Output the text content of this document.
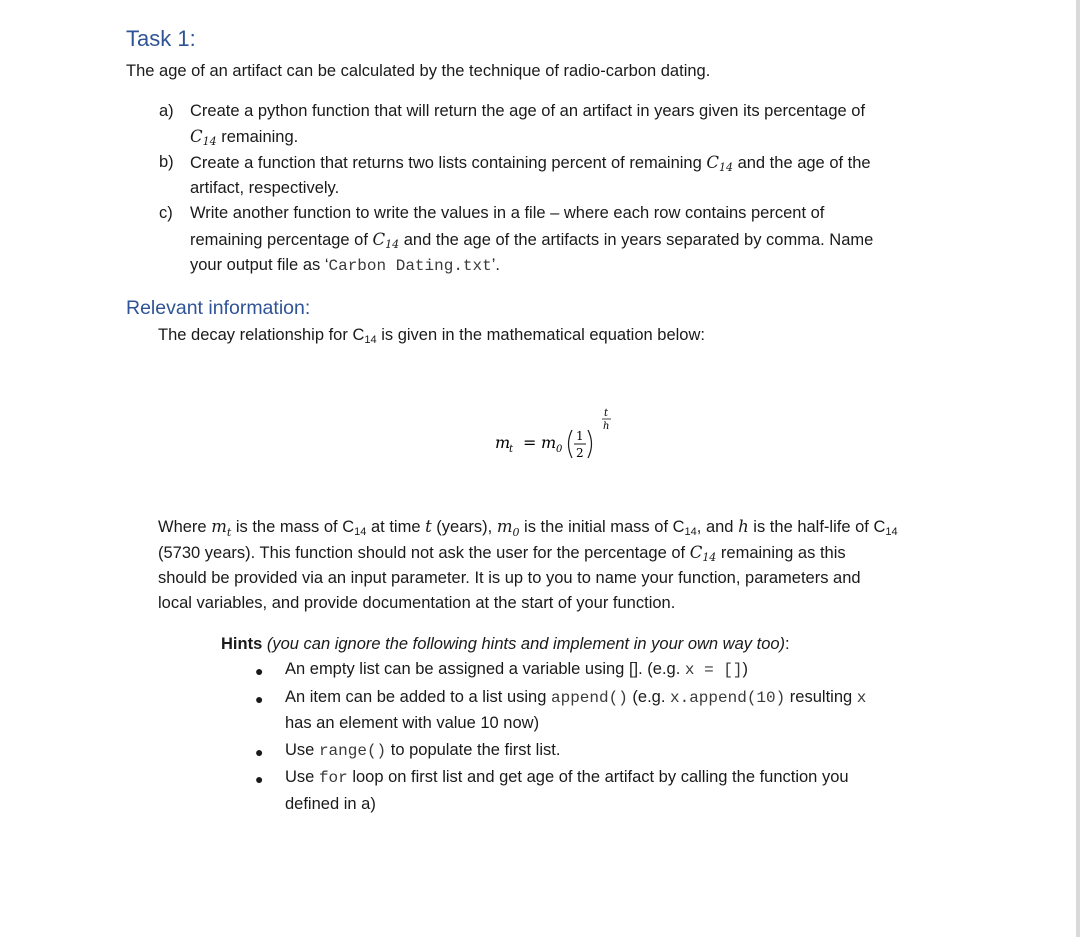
Task 1:
The age of an artifact can be calculated by the technique of radio-carbon dating.
a) Create a python function that will return the age of an artifact in years given its percentage of
$C_{14}$ remaining.
b) Create a function that returns two lists containing percent of remaining $C_{14}$ and the age of the
artifact, respectively.
c) Write another function to write the values in a file – where each row contains percent of
remaining percentage of $C_{14}$ and the age of the artifacts in years separated by comma. Name
your output file as ‘Carbon Dating.txt’.
Relevant information:
The decay relationship for $C_{14}$ is given in the mathematical equation below:
m
t = m 0
1
2
t
h
Where $m_t$ is the mass of $C_{14}$ at time t (years), $m_0$ is the initial mass of $C_{14}$, and h is the half-life of $C_{14}$
(5730 years). This function should not ask the user for the percentage of $C_{14}$ remaining as this
should be provided via an input parameter. It is up to you to name your function, parameters and
local variables, and provide documentation at the start of your function.
Hints (you can ignore the following hints and implement in your own way too):
● An empty list can be assigned a variable using []. (e.g. x = [])
● An item can be added to a list using append() (e.g. x.append(10) resulting x
has an element with value 10 now)
● Use range() to populate the first list.
● Use for loop on first list and get age of the artifact by calling the function you
defined in a)
